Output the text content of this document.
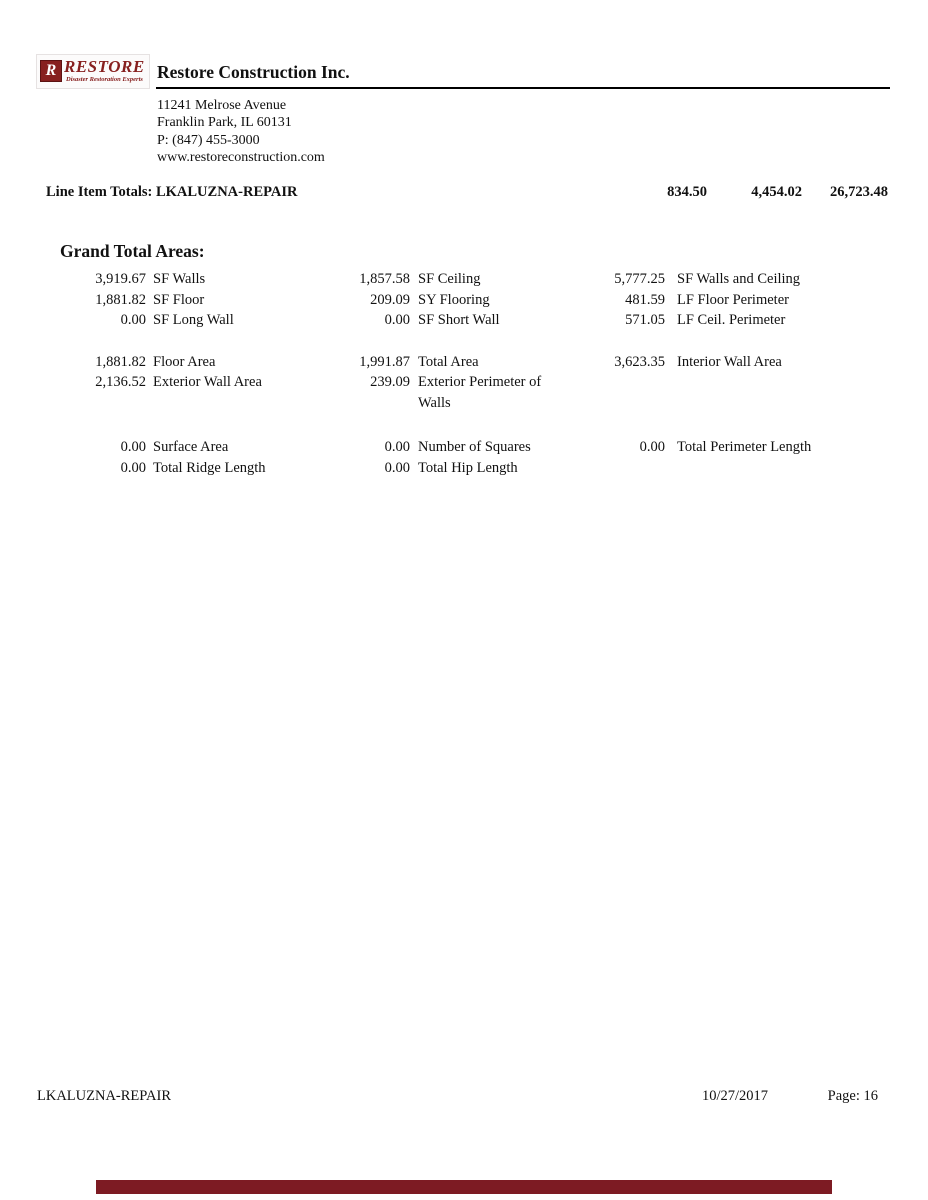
R RESTORE
Disaster Restoration Experts Restore Construction Inc.
11241 Melrose Avenue
Franklin Park, IL 60131
P: (847) 455-3000
www.restoreconstruction.com
Line Item Totals: LKALUZNA-REPAIR	834.50	4,454.02	26,723.48
Grand Total Areas:
3,919.67 SF Walls	1,857.58 SF Ceiling	5,777.25 SF Walls and Ceiling
1,881.82 SF Floor	209.09 SY Flooring	481.59 LF Floor Perimeter
0.00 SF Long Wall	0.00 SF Short Wall	571.05 LF Ceil. Perimeter
1,881.82 Floor Area	1,991.87 Total Area	3,623.35 Interior Wall Area
2,136.52 Exterior Wall Area	239.09 Exterior Perimeter of Walls
0.00 Surface Area	0.00 Number of Squares	0.00 Total Perimeter Length
0.00 Total Ridge Length	0.00 Total Hip Length
LKALUZNA-REPAIR	10/27/2017	Page: 16
